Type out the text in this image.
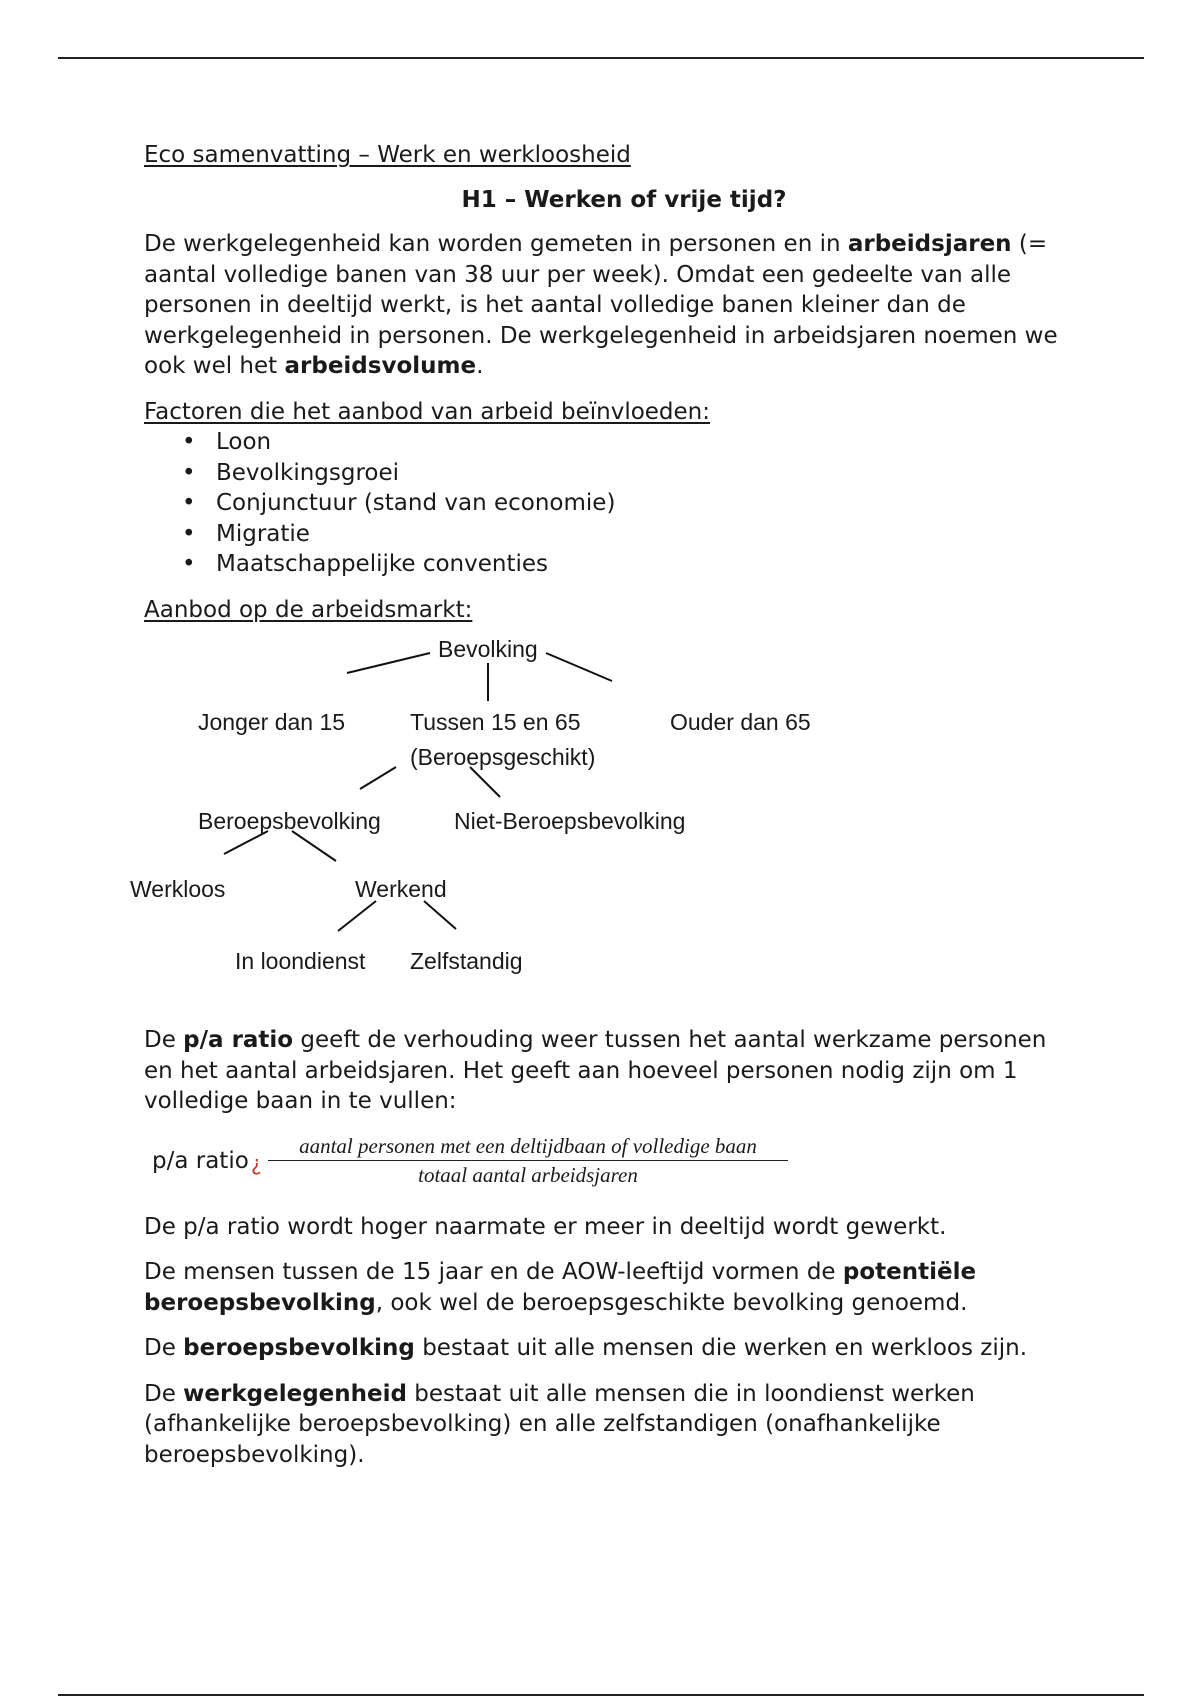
Eco samenvatting – Werk en werkloosheid
H1 – Werken of vrije tijd?

De werkgelegenheid kan worden gemeten in personen en in arbeidsjaren (= aantal volledige banen van 38 uur per week). Omdat een gedeelte van alle personen in deeltijd werkt, is het aantal volledige banen kleiner dan de werkgelegenheid in personen. De werkgelegenheid in arbeidsjaren noemen we ook wel het arbeidsvolume.

Factoren die het aanbod van arbeid beïnvloeden:
• Loon
• Bevolkingsgroei
• Conjunctuur (stand van economie)
• Migratie
• Maatschappelijke conventies
Aanbod op de arbeidsmarkt:
Bevolking
Jonger dan 15	Tussen 15 en 65
(Beroepsgeschikt)
Ouder dan 65
Beroepsbevolking	Niet-Beroepsbevolking
Werkloos	Werkend
In loondienst Zelfstandig

De p/a ratio geeft de verhouding weer tussen het aantal werkzame personen en het aantal arbeidsjaren. Het geeft aan hoeveel personen nodig zijn om 1 volledige baan in te vullen:

p/a ratio ¿
aantal personen met een deltijdbaan of volledige baan
totaal aantal arbeidsjaren

De p/a ratio wordt hoger naarmate er meer in deeltijd wordt gewerkt.

De mensen tussen de 15 jaar en de AOW-leeftijd vormen de potentiële beroepsbevolking, ook wel de beroepsgeschikte bevolking genoemd.

De beroepsbevolking bestaat uit alle mensen die werken en werkloos zijn.

De werkgelegenheid bestaat uit alle mensen die in loondienst werken (afhankelijke beroepsbevolking) en alle zelfstandigen (onafhankelijke beroepsbevolking).
